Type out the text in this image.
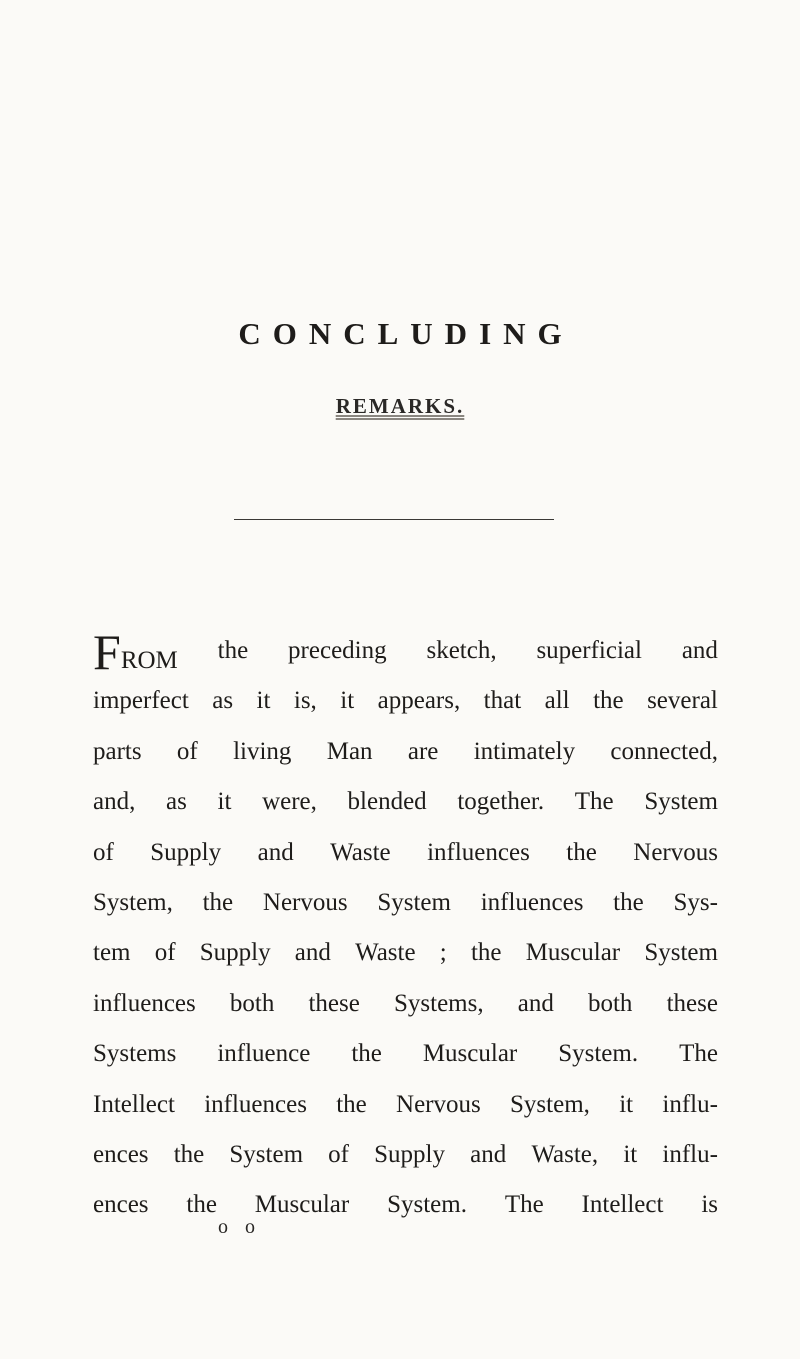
CONCLUDING
REMARKS.
FROM the preceding sketch, superficial and
imperfect as it is, it appears, that all the several
parts of living Man are intimately connected,
and, as it were, blended together. The System
of Supply and Waste influences the Nervous
System, the Nervous System influences the Sys-
tem of Supply and Waste ; the Muscular System
influences both these Systems, and both these
Systems influence the Muscular System. The
Intellect influences the Nervous System, it influ-
ences the System of Supply and Waste, it influ-
ences the Muscular System. The Intellect is
o o
